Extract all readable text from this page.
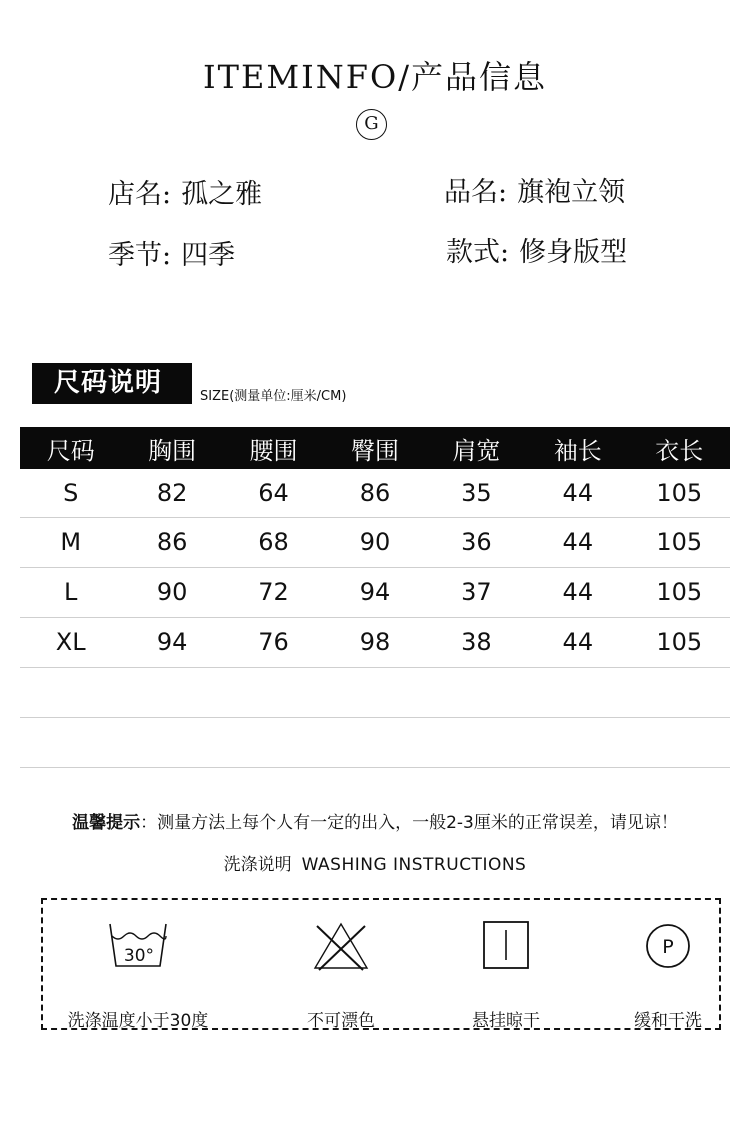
ITEMINFO/产品信息
G
店名: 孤之雅	品名: 旗袍立领
季节: 四季	款式: 修身版型
尺码说明	SIZE(测量单位:厘米/CM)
尺码	胸围	腰围	臀围	肩宽	袖长	衣长
S	82	64	86	35	44	105
M	86	68	90	36	44	105
L	90	72	94	37	44	105
XL	94	76	98	38	44	105

温馨提示：测量方法上每个人有一定的出入，一般2-3厘米的正常误差，请见谅！
洗涤说明 WASHING INSTRUCTIONS
30°
洗涤温度小于30度	不可漂色	悬挂晾干
P
缓和干洗
